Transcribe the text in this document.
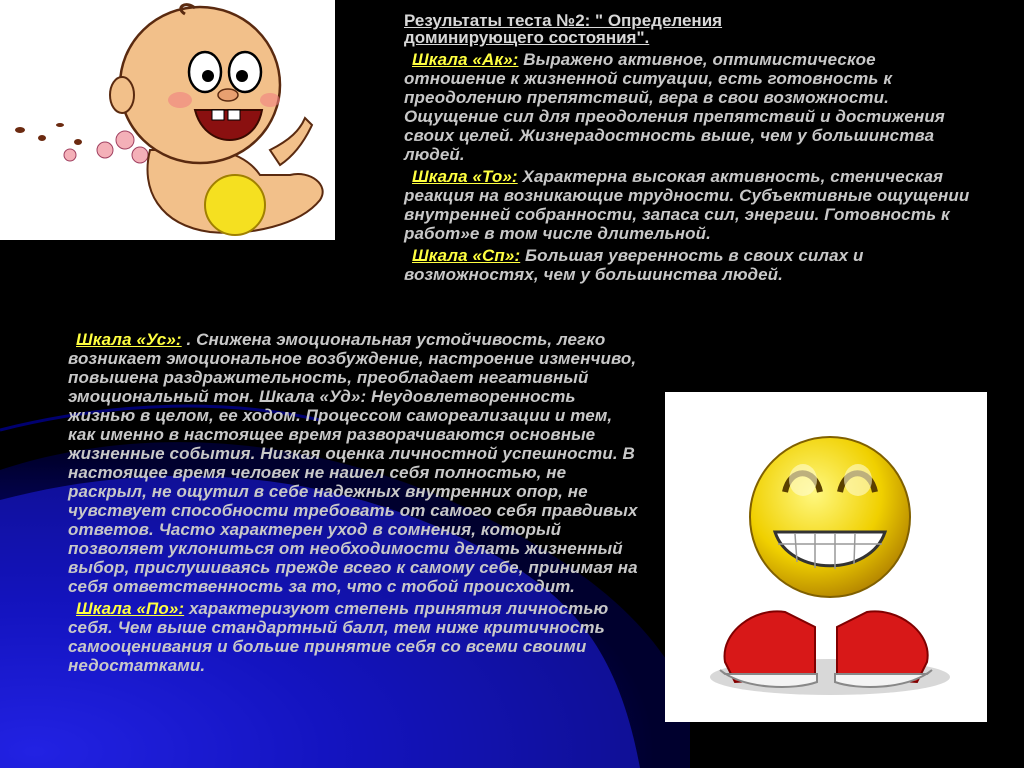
Результаты теста №2: " Определения доминирующего состояния".

Шкала «Ак»: Выражено активное, оптимистическое отношение к жизненной ситуации, есть готовность к преодолению препятствий, вера в свои возможности. Ощущение сил для преодоления препятствий и достижения своих целей. Жизнерадостность выше, чем у большинства людей.

Шкала «То»: Характерна высокая активность, стеническая реакция на возникающие трудности. Субъективные ощущении внутренней собранности, запаса сил, энергии. Готовность к работ»е в том числе длительной.

Шкала «Сп»: Большая уверенность в своих силах и возможностях, чем у большинства людей.

Шкала «Ус»: . Снижена эмоциональная устойчивость, легко возникает эмоциональное возбуждение, настроение изменчиво, повышена раздражительность, преобладает негативный эмоциональный тон. Шкала «Уд»: Неудовлетворенность жизнью в целом, ее ходом. Процессом самореализации и тем, как именно в настоящее время разворачиваются основные жизненные события. Низкая оценка личностной успешности. В настоящее время человек не нашел себя полностью, не раскрыл, не ощутил в себе надежных внутренних опор, не чувствует способности требовать от самого себя правдивых ответов. Часто характерен уход в сомнения, который позволяет уклониться от необходимости делать жизненный выбор, прислушиваясь прежде всего к самому себе, принимая на себя ответственность за то, что с тобой происходит.

Шкала «По»: характеризуют степень принятия личностью себя. Чем выше стандартный балл, тем ниже критичность самооценивания и больше принятие себя со всеми своими недостатками.
